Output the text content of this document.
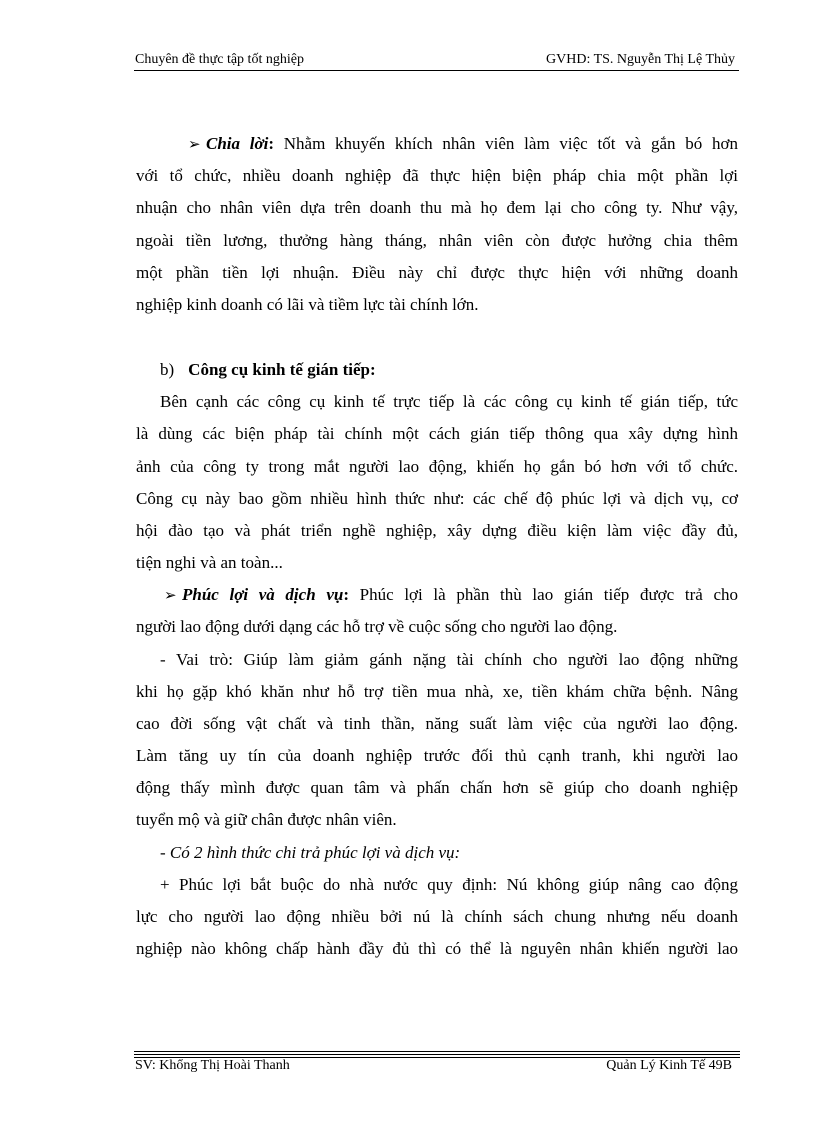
Chuyên đề thực tập tốt nghiệp	GVHD: TS. Nguyễn Thị Lệ Thủy
➢ Chia lời: Nhằm khuyến khích nhân viên làm việc tốt và gắn bó hơn
với tổ chức, nhiều doanh nghiệp đã thực hiện biện pháp chia một phần lợi
nhuận cho nhân viên dựa trên doanh thu mà họ đem lại cho công ty. Như vậy,
ngoài tiền lương, thưởng hàng tháng, nhân viên còn được hưởng chia thêm
một phần tiền lợi nhuận. Điều này chỉ được thực hiện với những doanh
nghiệp kinh doanh có lãi và tiềm lực tài chính lớn.
b) Công cụ kinh tế gián tiếp:
Bên cạnh các công cụ kinh tế trực tiếp là các công cụ kinh tế gián tiếp, tức
là dùng các biện pháp tài chính một cách gián tiếp thông qua xây dựng hình
ảnh của công ty trong mắt người lao động, khiến họ gắn bó hơn với tổ chức.
Công cụ này bao gồm nhiều hình thức như: các chế độ phúc lợi và dịch vụ, cơ
hội đào tạo và phát triển nghề nghiệp, xây dựng điều kiện làm việc đầy đủ,
tiện nghi và an toàn...
➢ Phúc lợi và dịch vụ: Phúc lợi là phần thù lao gián tiếp được trả cho
người lao động dưới dạng các hỗ trợ về cuộc sống cho người lao động.
- Vai trò: Giúp làm giảm gánh nặng tài chính cho người lao động những
khi họ gặp khó khăn như hỗ trợ tiền mua nhà, xe, tiền khám chữa bệnh. Nâng
cao đời sống vật chất và tinh thần, năng suất làm việc của người lao động.
Làm tăng uy tín của doanh nghiệp trước đối thủ cạnh tranh, khi người lao
động thấy mình được quan tâm và phấn chấn hơn sẽ giúp cho doanh nghiệp
tuyển mộ và giữ chân được nhân viên.
- Có 2 hình thức chi trả phúc lợi và dịch vụ:
+ Phúc lợi bắt buộc do nhà nước quy định: Nú không giúp nâng cao động
lực cho người lao động nhiều bởi nú là chính sách chung nhưng nếu doanh
nghiệp nào không chấp hành đầy đủ thì có thể là nguyên nhân khiến người lao
SV: Khổng Thị Hoài Thanh	Quản Lý Kinh Tế 49B
